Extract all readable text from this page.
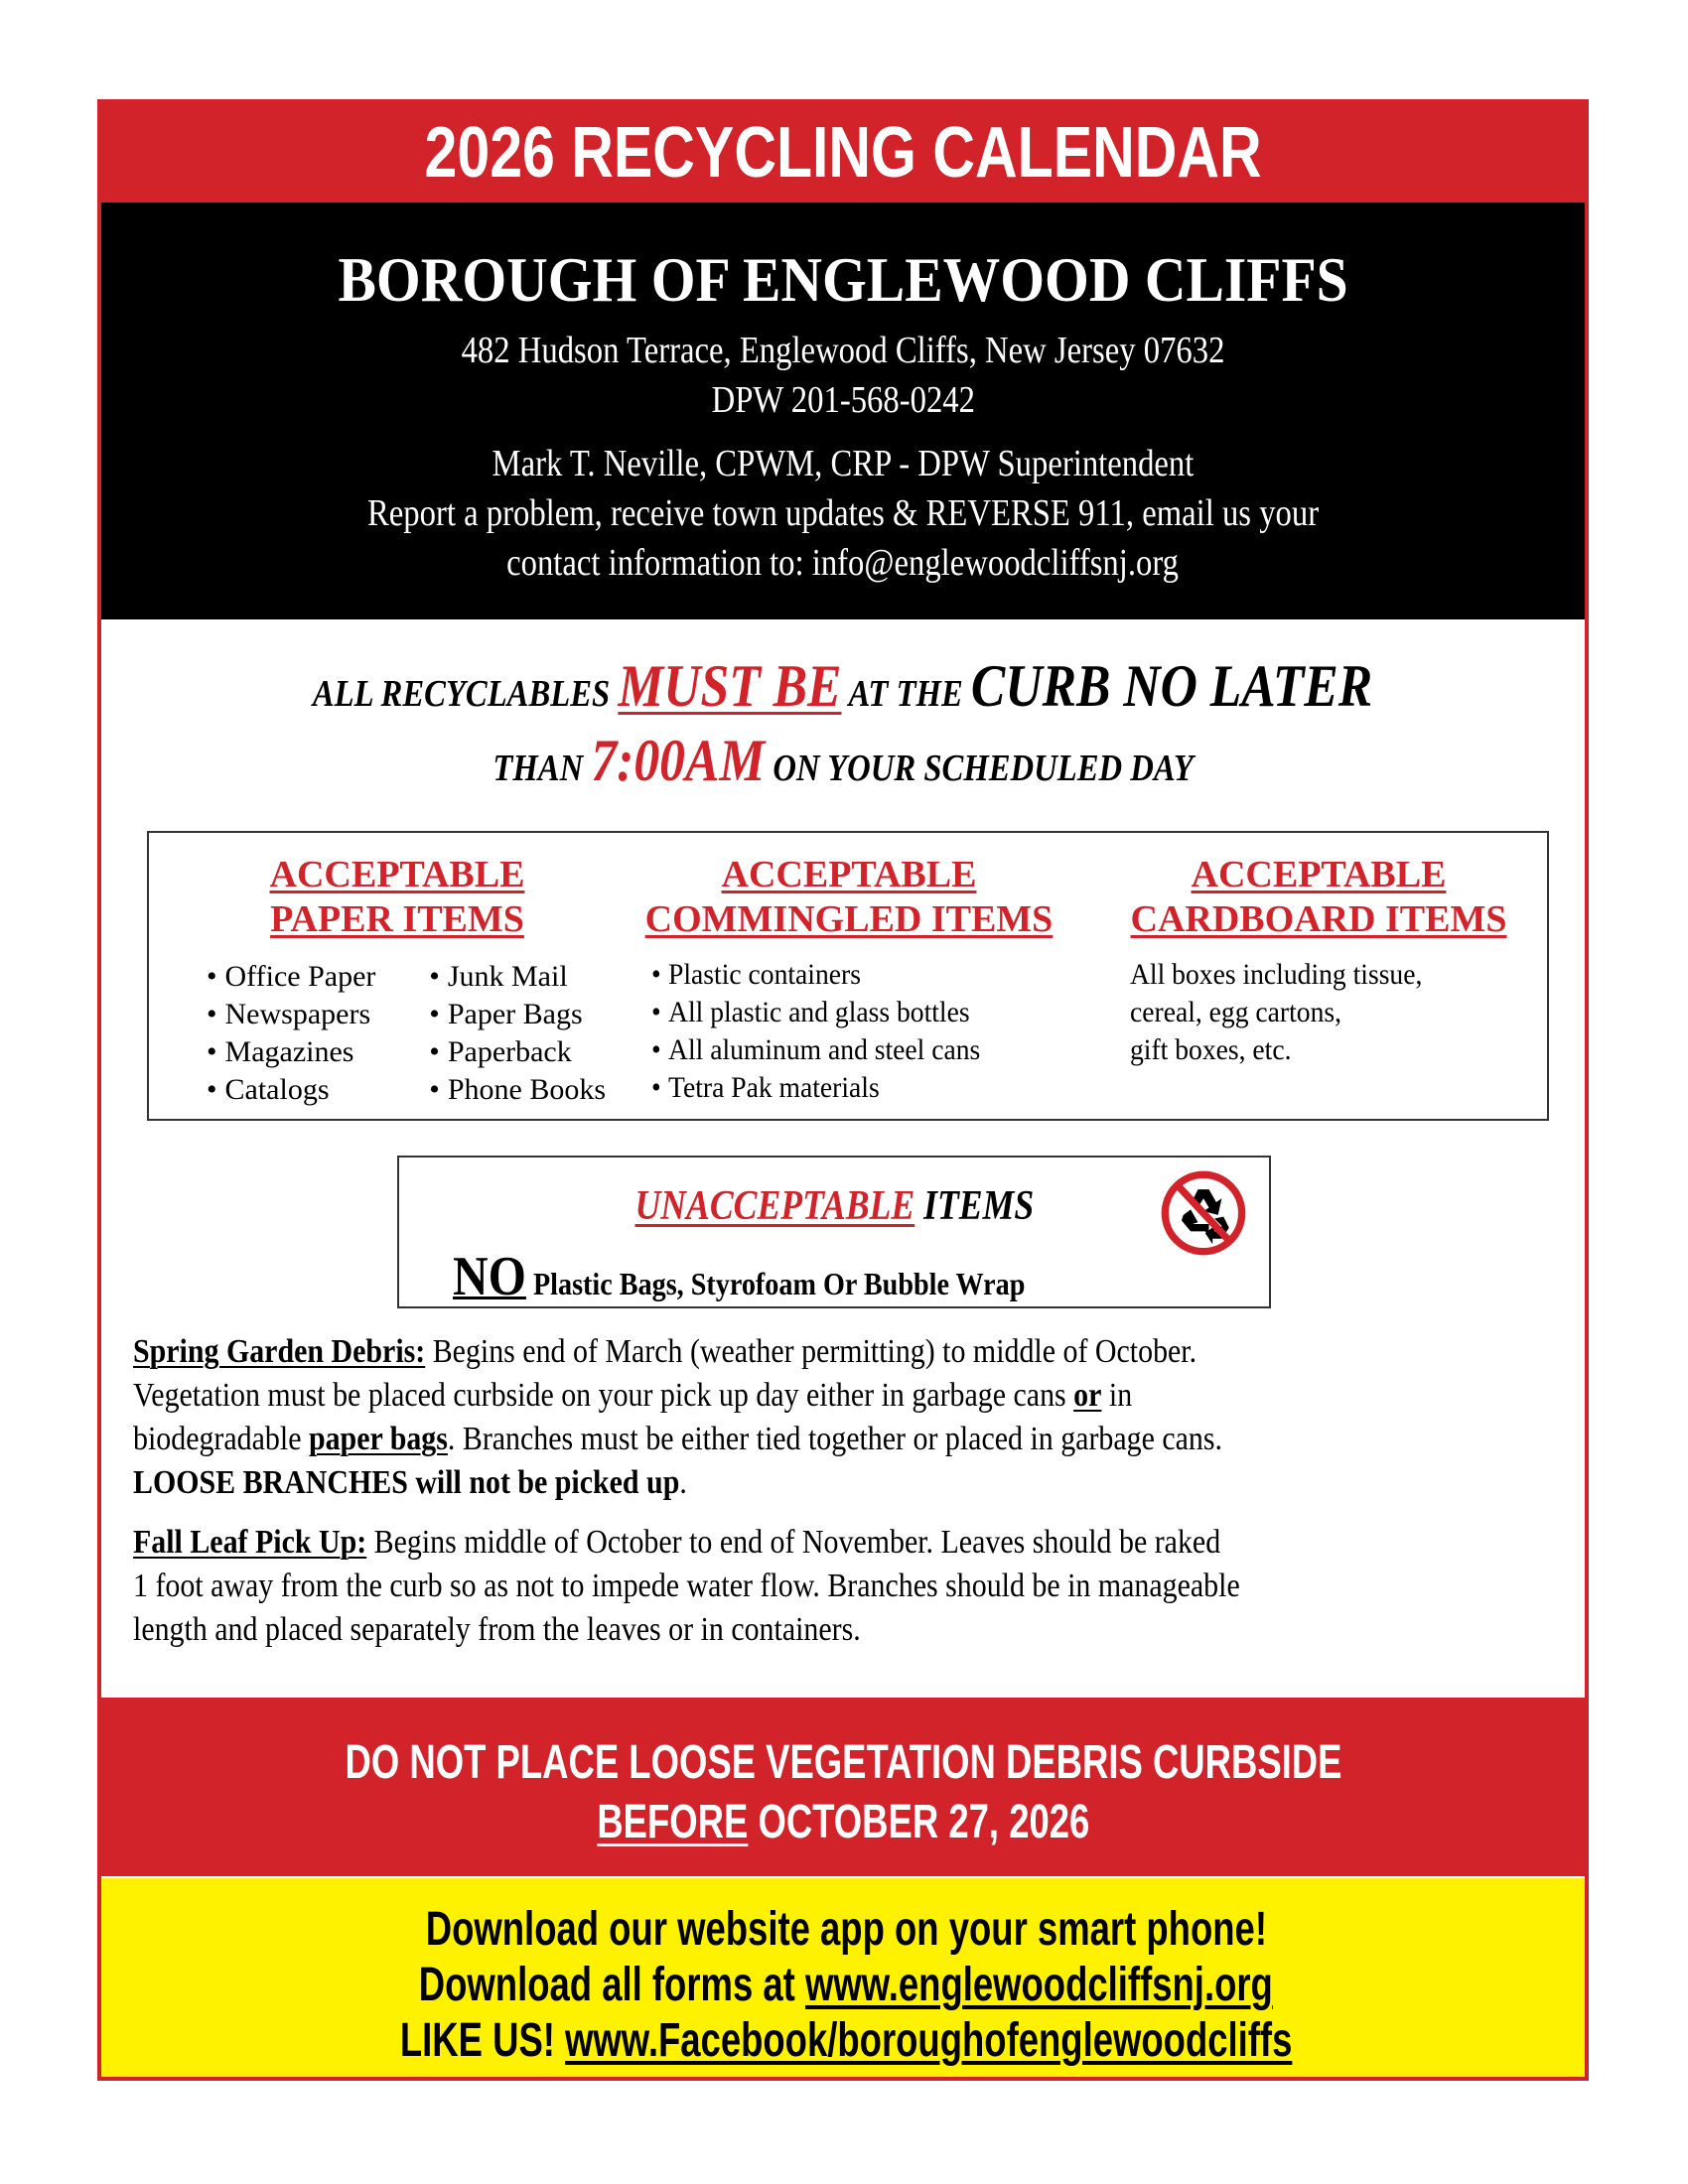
2026 RECYCLING CALENDAR
BOROUGH OF ENGLEWOOD CLIFFS
482 Hudson Terrace, Englewood Cliffs, New Jersey 07632
DPW 201-568-0242
Mark T. Neville, CPWM, CRP - DPW Superintendent
Report a problem, receive town updates & REVERSE 911, email us your
contact information to: info@englewoodcliffsnj.org
ALL RECYCLABLES MUST BE AT THE CURB NO LATER
THAN 7:00AM ON YOUR SCHEDULED DAY
ACCEPTABLE
PAPER ITEMS
• Office Paper
• Newspapers
• Magazines
• Catalogs
• Junk Mail
• Paper Bags
• Paperback
• Phone Books
ACCEPTABLE
COMMINGLED ITEMS
• Plastic containers
• All plastic and glass bottles
• All aluminum and steel cans
• Tetra Pak materials
ACCEPTABLE
CARDBOARD ITEMS
All boxes including tissue,
cereal, egg cartons,
gift boxes, etc.
UNACCEPTABLE ITEMS
NO Plastic Bags, Styrofoam Or Bubble Wrap
Spring Garden Debris: Begins end of March (weather permitting) to middle of October.
Vegetation must be placed curbside on your pick up day either in garbage cans or in
biodegradable paper bags. Branches must be either tied together or placed in garbage cans.
LOOSE BRANCHES will not be picked up.
Fall Leaf Pick Up: Begins middle of October to end of November. Leaves should be raked
1 foot away from the curb so as not to impede water flow. Branches should be in manageable
length and placed separately from the leaves or in containers.
DO NOT PLACE LOOSE VEGETATION DEBRIS CURBSIDE
BEFORE OCTOBER 27, 2026
Download our website app on your smart phone!
Download all forms at www.englewoodcliffsnj.org
LIKE US! www.Facebook/boroughofenglewoodcliffs
